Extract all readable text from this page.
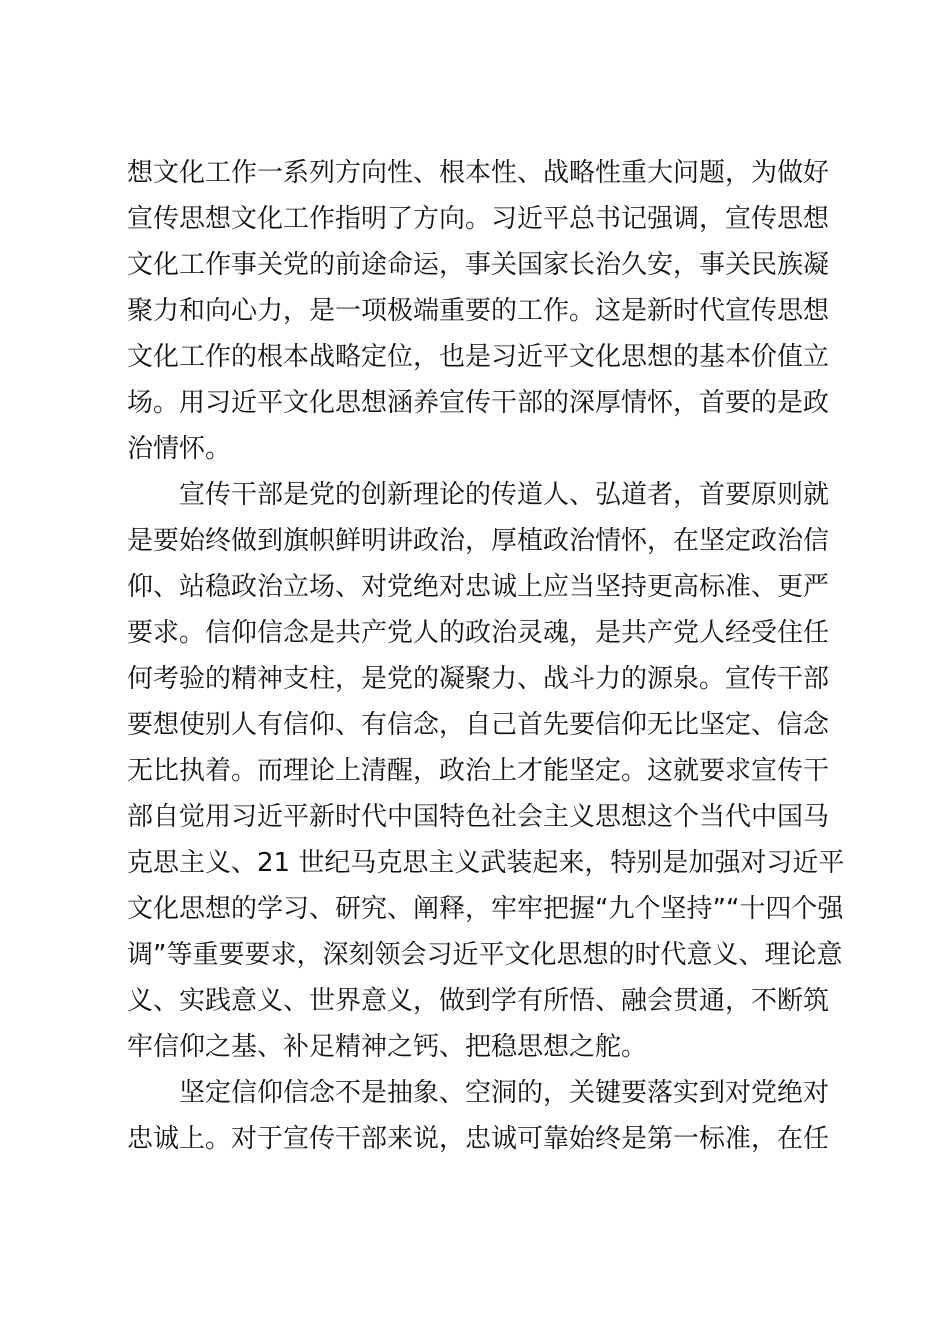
想文化工作一系列方向性、根本性、战略性重大问题，为做好
宣传思想文化工作指明了方向。习近平总书记强调，宣传思想
文化工作事关党的前途命运，事关国家长治久安，事关民族凝
聚力和向心力，是一项极端重要的工作。这是新时代宣传思想
文化工作的根本战略定位，也是习近平文化思想的基本价值立
场。用习近平文化思想涵养宣传干部的深厚情怀，首要的是政
治情怀。
宣传干部是党的创新理论的传道人、弘道者，首要原则就
是要始终做到旗帜鲜明讲政治，厚植政治情怀，在坚定政治信
仰、站稳政治立场、对党绝对忠诚上应当坚持更高标准、更严
要求。信仰信念是共产党人的政治灵魂，是共产党人经受住任
何考验的精神支柱，是党的凝聚力、战斗力的源泉。宣传干部
要想使别人有信仰、有信念，自己首先要信仰无比坚定、信念
无比执着。而理论上清醒，政治上才能坚定。这就要求宣传干
部自觉用习近平新时代中国特色社会主义思想这个当代中国马
克思主义、21 世纪马克思主义武装起来，特别是加强对习近平
文化思想的学习、研究、阐释，牢牢把握“九个坚持”“十四个强
调”等重要要求，深刻领会习近平文化思想的时代意义、理论意
义、实践意义、世界意义，做到学有所悟、融会贯通，不断筑
牢信仰之基、补足精神之钙、把稳思想之舵。
坚定信仰信念不是抽象、空洞的，关键要落实到对党绝对
忠诚上。对于宣传干部来说，忠诚可靠始终是第一标准，在任
